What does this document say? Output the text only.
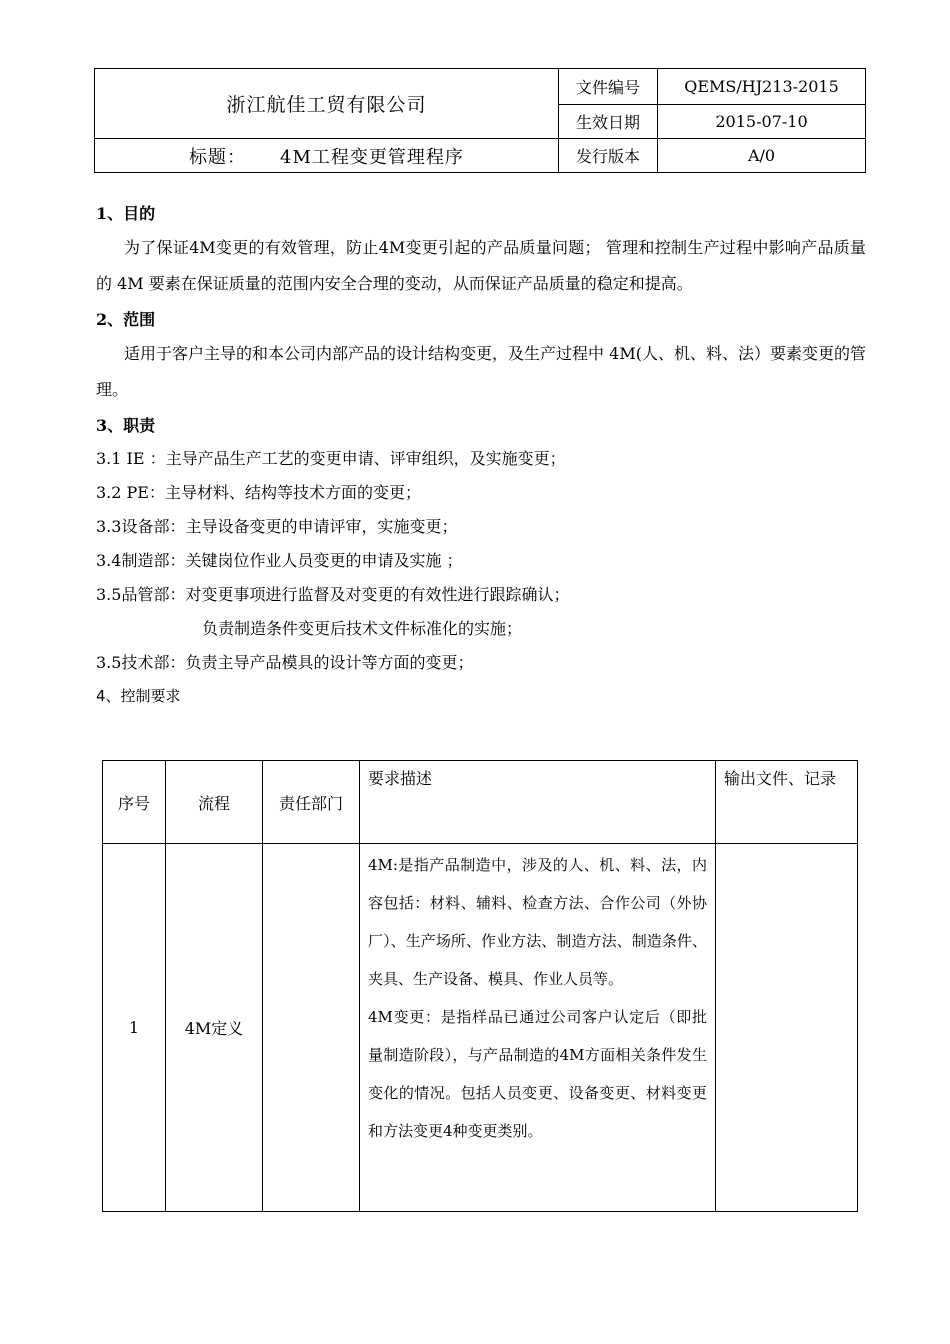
浙江航佳工贸有限公司	文件编号	QEMS/HJ213-2015
	生效日期	2015-07-10
标题： 4M工程变更管理程序	发行版本	A/0

1、目的

为了保证4M变更的有效管理，防止4M变更引起的产品质量问题； 管理和控制生产过程中影响产品质量的 4M 要素在保证质量的范围内安全合理的变动，从而保证产品质量的稳定和提高。

2、范围

适用于客户主导的和本公司内部产品的设计结构变更，及生产过程中 4M(人、机、料、法）要素变更的管理。

3、职责

3.1 IE ：主导产品生产工艺的变更申请、评审组织，及实施变更；

3.2 PE：主导材料、结构等技术方面的变更；

3.3设备部：主导设备变更的申请评审，实施变更；

3.4制造部：关键岗位作业人员变更的申请及实施 ；

3.5品管部：对变更事项进行监督及对变更的有效性进行跟踪确认；

负责制造条件变更后技术文件标准化的实施；

3.5技术部：负责主导产品模具的设计等方面的变更；

4、控制要求

序号	流程	责任部门	要求描述	输出文件、记录
1	4M定义		4M:是指产品制造中，涉及的人、机、料、法，内容包括：材料、辅料、检查方法、合作公司（外协厂）、生产场所、作业方法、制造方法、制造条件、夹具、生产设备、模具、作业人员等。

4M变更：是指样品已通过公司客户认定后（即批量制造阶段），与产品制造的4M方面相关条件发生变化的情况。包括人员变更、设备变更、材料变更和方法变更4种变更类别。	
